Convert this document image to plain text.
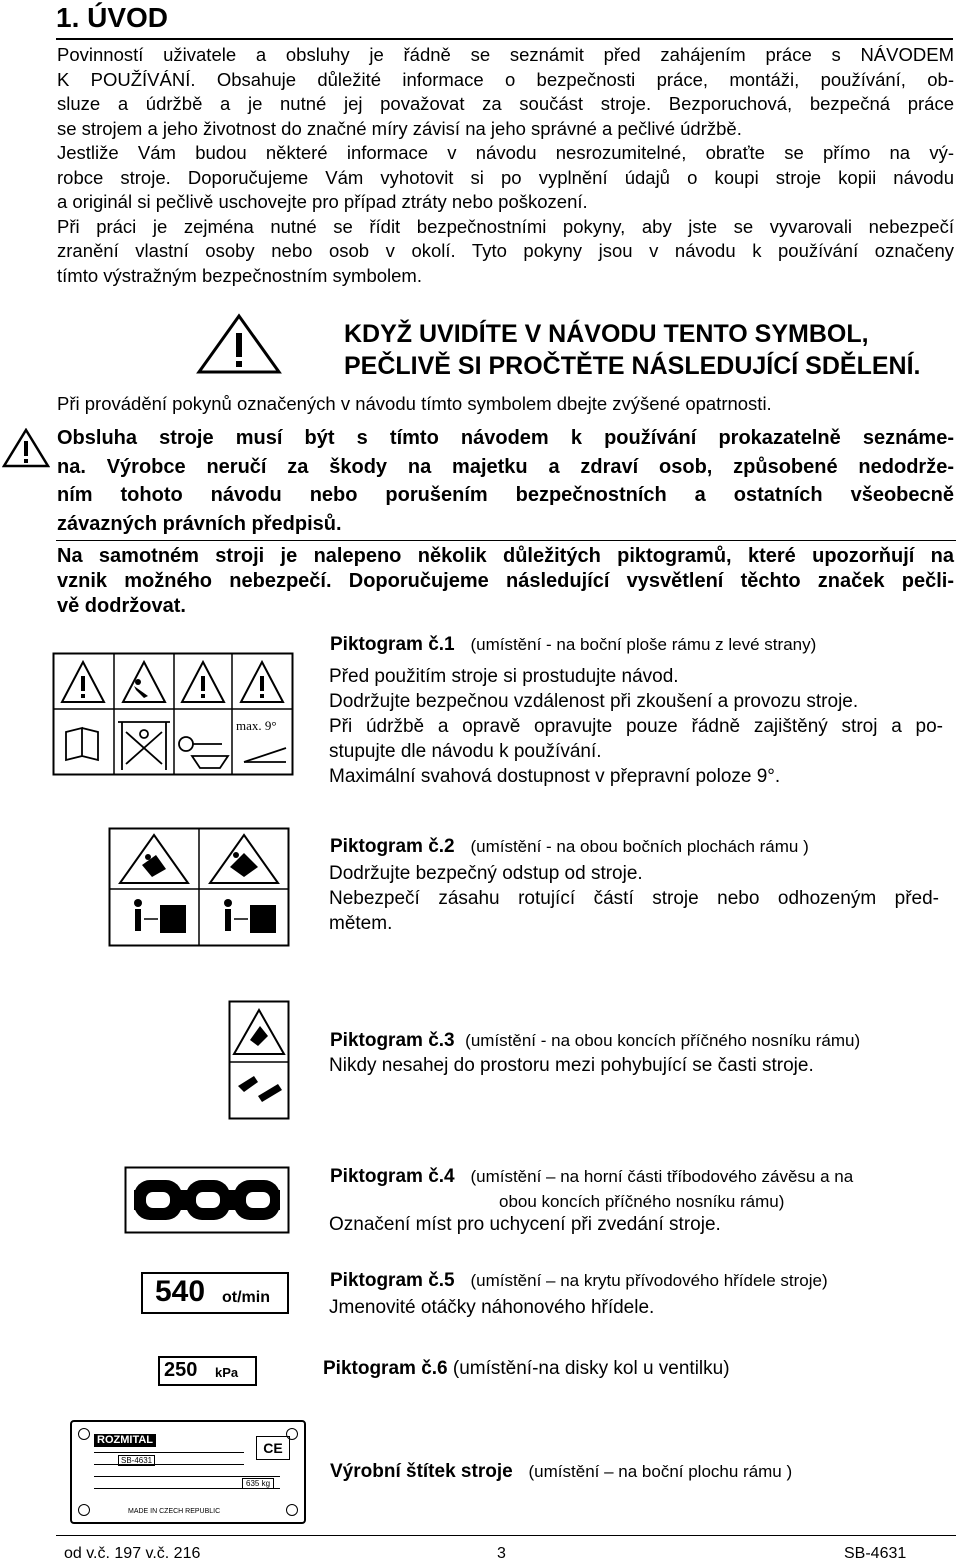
1. ÚVOD
Povinností uživatele a obsluhy je řádně se seznámit před zahájením práce s NÁVODEM
K POUŽÍVÁNÍ. Obsahuje důležité informace o bezpečnosti práce, montáži, používání, ob-
sluze a údržbě a je nutné jej považovat za součást stroje. Bezporuchová, bezpečná práce
se strojem a jeho životnost do značné míry závisí na jeho správné a pečlivé údržbě.
Jestliže Vám budou některé informace v návodu nesrozumitelné, obraťte se přímo na vý-
robce stroje. Doporučujeme Vám vyhotovit si po vyplnění údajů o koupi stroje kopii návodu
a originál si pečlivě uschovejte pro případ ztráty nebo poškození.
Při práci je zejména nutné se řídit bezpečnostními pokyny, aby jste se vyvarovali nebezpečí
zranění vlastní osoby nebo osob v okolí. Tyto pokyny jsou v návodu k používání označeny
tímto výstražným bezpečnostním symbolem.
KDYŽ UVIDÍTE V NÁVODU TENTO SYMBOL,
PEČLIVĚ SI PROČTĚTE NÁSLEDUJÍCÍ SDĚLENÍ.
Při provádění pokynů označených v návodu tímto symbolem dbejte zvýšené opatrnosti.
Obsluha stroje musí být s tímto návodem k používání prokazatelně seznáme-
na. Výrobce neručí za škody na majetku a zdraví osob, způsobené nedodrže-
ním tohoto návodu nebo porušením bezpečnostních a ostatních všeobecně
závazných právních předpisů.
Na samotném stroji je nalepeno několik důležitých piktogramů, které upozorňují na
vznik možného nebezpečí. Doporučujeme následující vysvětlení těchto značek pečli-
vě dodržovat.
max. 9°
Piktogram č.1 (umístění - na boční ploše rámu z levé strany)
Před použitím stroje si prostudujte návod.
Dodržujte bezpečnou vzdálenost při zkoušení a provozu stroje.
Při údržbě a opravě opravujte pouze řádně zajištěný stroj a po-
stupujte dle návodu k používání.
Maximální svahová dostupnost v přepravní poloze 9°.
Piktogram č.2 (umístění - na obou bočních plochách rámu )
Dodržujte bezpečný odstup od stroje.
Nebezpečí zásahu rotující částí stroje nebo odhozeným před-
mětem.
Piktogram č.3 (umístění - na obou koncích příčného nosníku rámu)
Nikdy nesahej do prostoru mezi pohybující se časti stroje.
Piktogram č.4 (umístění – na horní části tříbodového závěsu a na
obou koncích příčného nosníku rámu)
Označení míst pro uchycení při zvedání stroje.
540 ot/min
Piktogram č.5 (umístění – na krytu přívodového hřídele stroje)
Jmenovité otáčky náhonového hřídele.
250 kPa	Piktogram č.6 (umístění-na disky kol u ventilku)
ROZMITAL
SB-4631
635 kg
CE
MADE IN CZECH REPUBLIC
Výrobní štítek stroje (umístění – na boční plochu rámu )
od v.č. 197 v.č. 216	3	SB-4631
